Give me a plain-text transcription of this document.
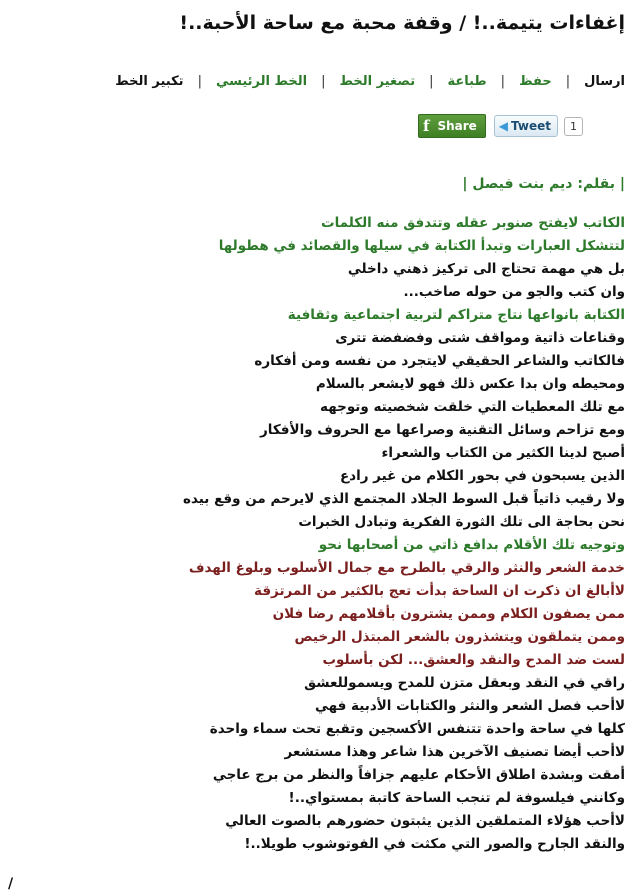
إغفاءات يتيمة..! / وقفة محبة مع ساحة الأحبة..!
ارسال
|
حفظ
|
طباعة
|
تصغير الخط
|
الخط الرئيسي
|
تكبير الخط
f Share ◀ Tweet	1
| بقلم: ديم بنت فيصل |
الكاتب لايفتح صنوبر عقله وتتدفق منه الكلمات
لتتشكل العبارات وتبدأ الكتابة في سيلها والقصائد في هطولها
بل هي مهمة تحتاج الى تركيز ذهني داخلي
وان كتب والجو من حوله صاخب...
الكتابة بانواعها نتاج متراكم لتربية اجتماعية وثقافية
وقناعات ذاتية ومواقف شتى وفضفضة تترى
فالكاتب والشاعر الحقيقي لايتجرد من نفسه ومن أفكاره
ومحيطه وان بدا عكس ذلك فهو لايشعر بالسلام
مع تلك المعطيات التي خلقت شخصيته وتوجهه
ومع تزاحم وسائل التقنية وصراعها مع الحروف والأفكار
أصبح لدينا الكثير من الكتاب والشعراء
الذين يسبحون في بحور الكلام من غير رادع
ولا رقيب ذاتياً قبل السوط الجلاد المجتمع الذي لايرحم من وقع بيده
نحن بحاجة الى تلك الثورة الفكرية وتبادل الخبرات
وتوجيه تلك الأقلام بدافع ذاتي من أصحابها نحو
خدمة الشعر والنثر والرقي بالطرح مع جمال الأسلوب وبلوغ الهدف
لاأبالغ ان ذكرت ان الساحة بدأت تعج بالكثير من المرتزقة
ممن يصفون الكلام وممن يشترون بأقلامهم رضا فلان
وممن يتملقون ويتشذرون بالشعر المبتذل الرخيص
لست ضد المدح والنقد والعشق... لكن بأسلوب
راقي في النقد وبعقل متزن للمدح ويسموللعشق
لاأحب فصل الشعر والنثر والكتابات الأدبية فهي
كلها في ساحة واحدة تتنفس الأكسجين وتقبع تحت سماء واحدة
لاأحب أيضا تصنيف الآخرين هذا شاعر وهذا مستشعر
أمقت وبشدة اطلاق الأحكام عليهم جزافاً والنظر من برج عاجي
وكانني فيلسوفة لم تنجب الساحة كاتبة بمستواي..!
لاأحب هؤلاء المتملقين الذين يثبتون حضورهم بالصوت العالي
والنقد الجارح والصور التي مكثت في الفوتوشوب طويلا..!
/
